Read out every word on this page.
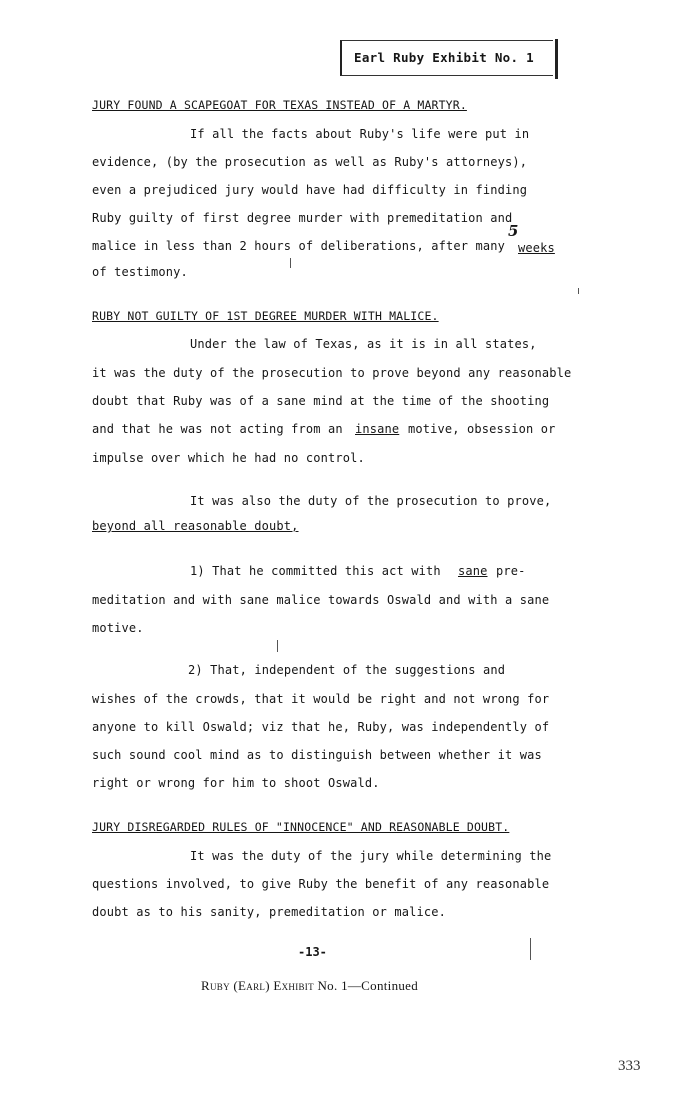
Earl Ruby Exhibit No. 1
JURY FOUND A SCAPEGOAT FOR TEXAS INSTEAD OF A MARTYR.
If all the facts about Ruby's life were put in
evidence, (by the prosecution as well as Ruby's attorneys),
even a prejudiced jury would have had difficulty in finding
Ruby guilty of first degree murder with premeditation and
malice in less than 2 hours of deliberations, after many weeks
5
of testimony.
RUBY NOT GUILTY OF 1ST DEGREE MURDER WITH MALICE.
Under the law of Texas, as it is in all states,
it was the duty of the prosecution to prove beyond any reasonable
doubt that Ruby was of a sane mind at the time of the shooting
and that he was not acting from an insane motive, obsession or
impulse over which he had no control.
It was also the duty of the prosecution to prove,
beyond all reasonable doubt,
1) That he committed this act with sane pre-
meditation and with sane malice towards Oswald and with a sane
motive.
2) That, independent of the suggestions and
wishes of the crowds, that it would be right and not wrong for
anyone to kill Oswald; viz that he, Ruby, was independently of
such sound cool mind as to distinguish between whether it was
right or wrong for him to shoot Oswald.
JURY DISREGARDED RULES OF "INNOCENCE" AND REASONABLE DOUBT.
It was the duty of the jury while determining the
questions involved, to give Ruby the benefit of any reasonable
doubt as to his sanity, premeditation or malice.
-13-
Ruby (Earl) Exhibit No. 1—Continued
333
